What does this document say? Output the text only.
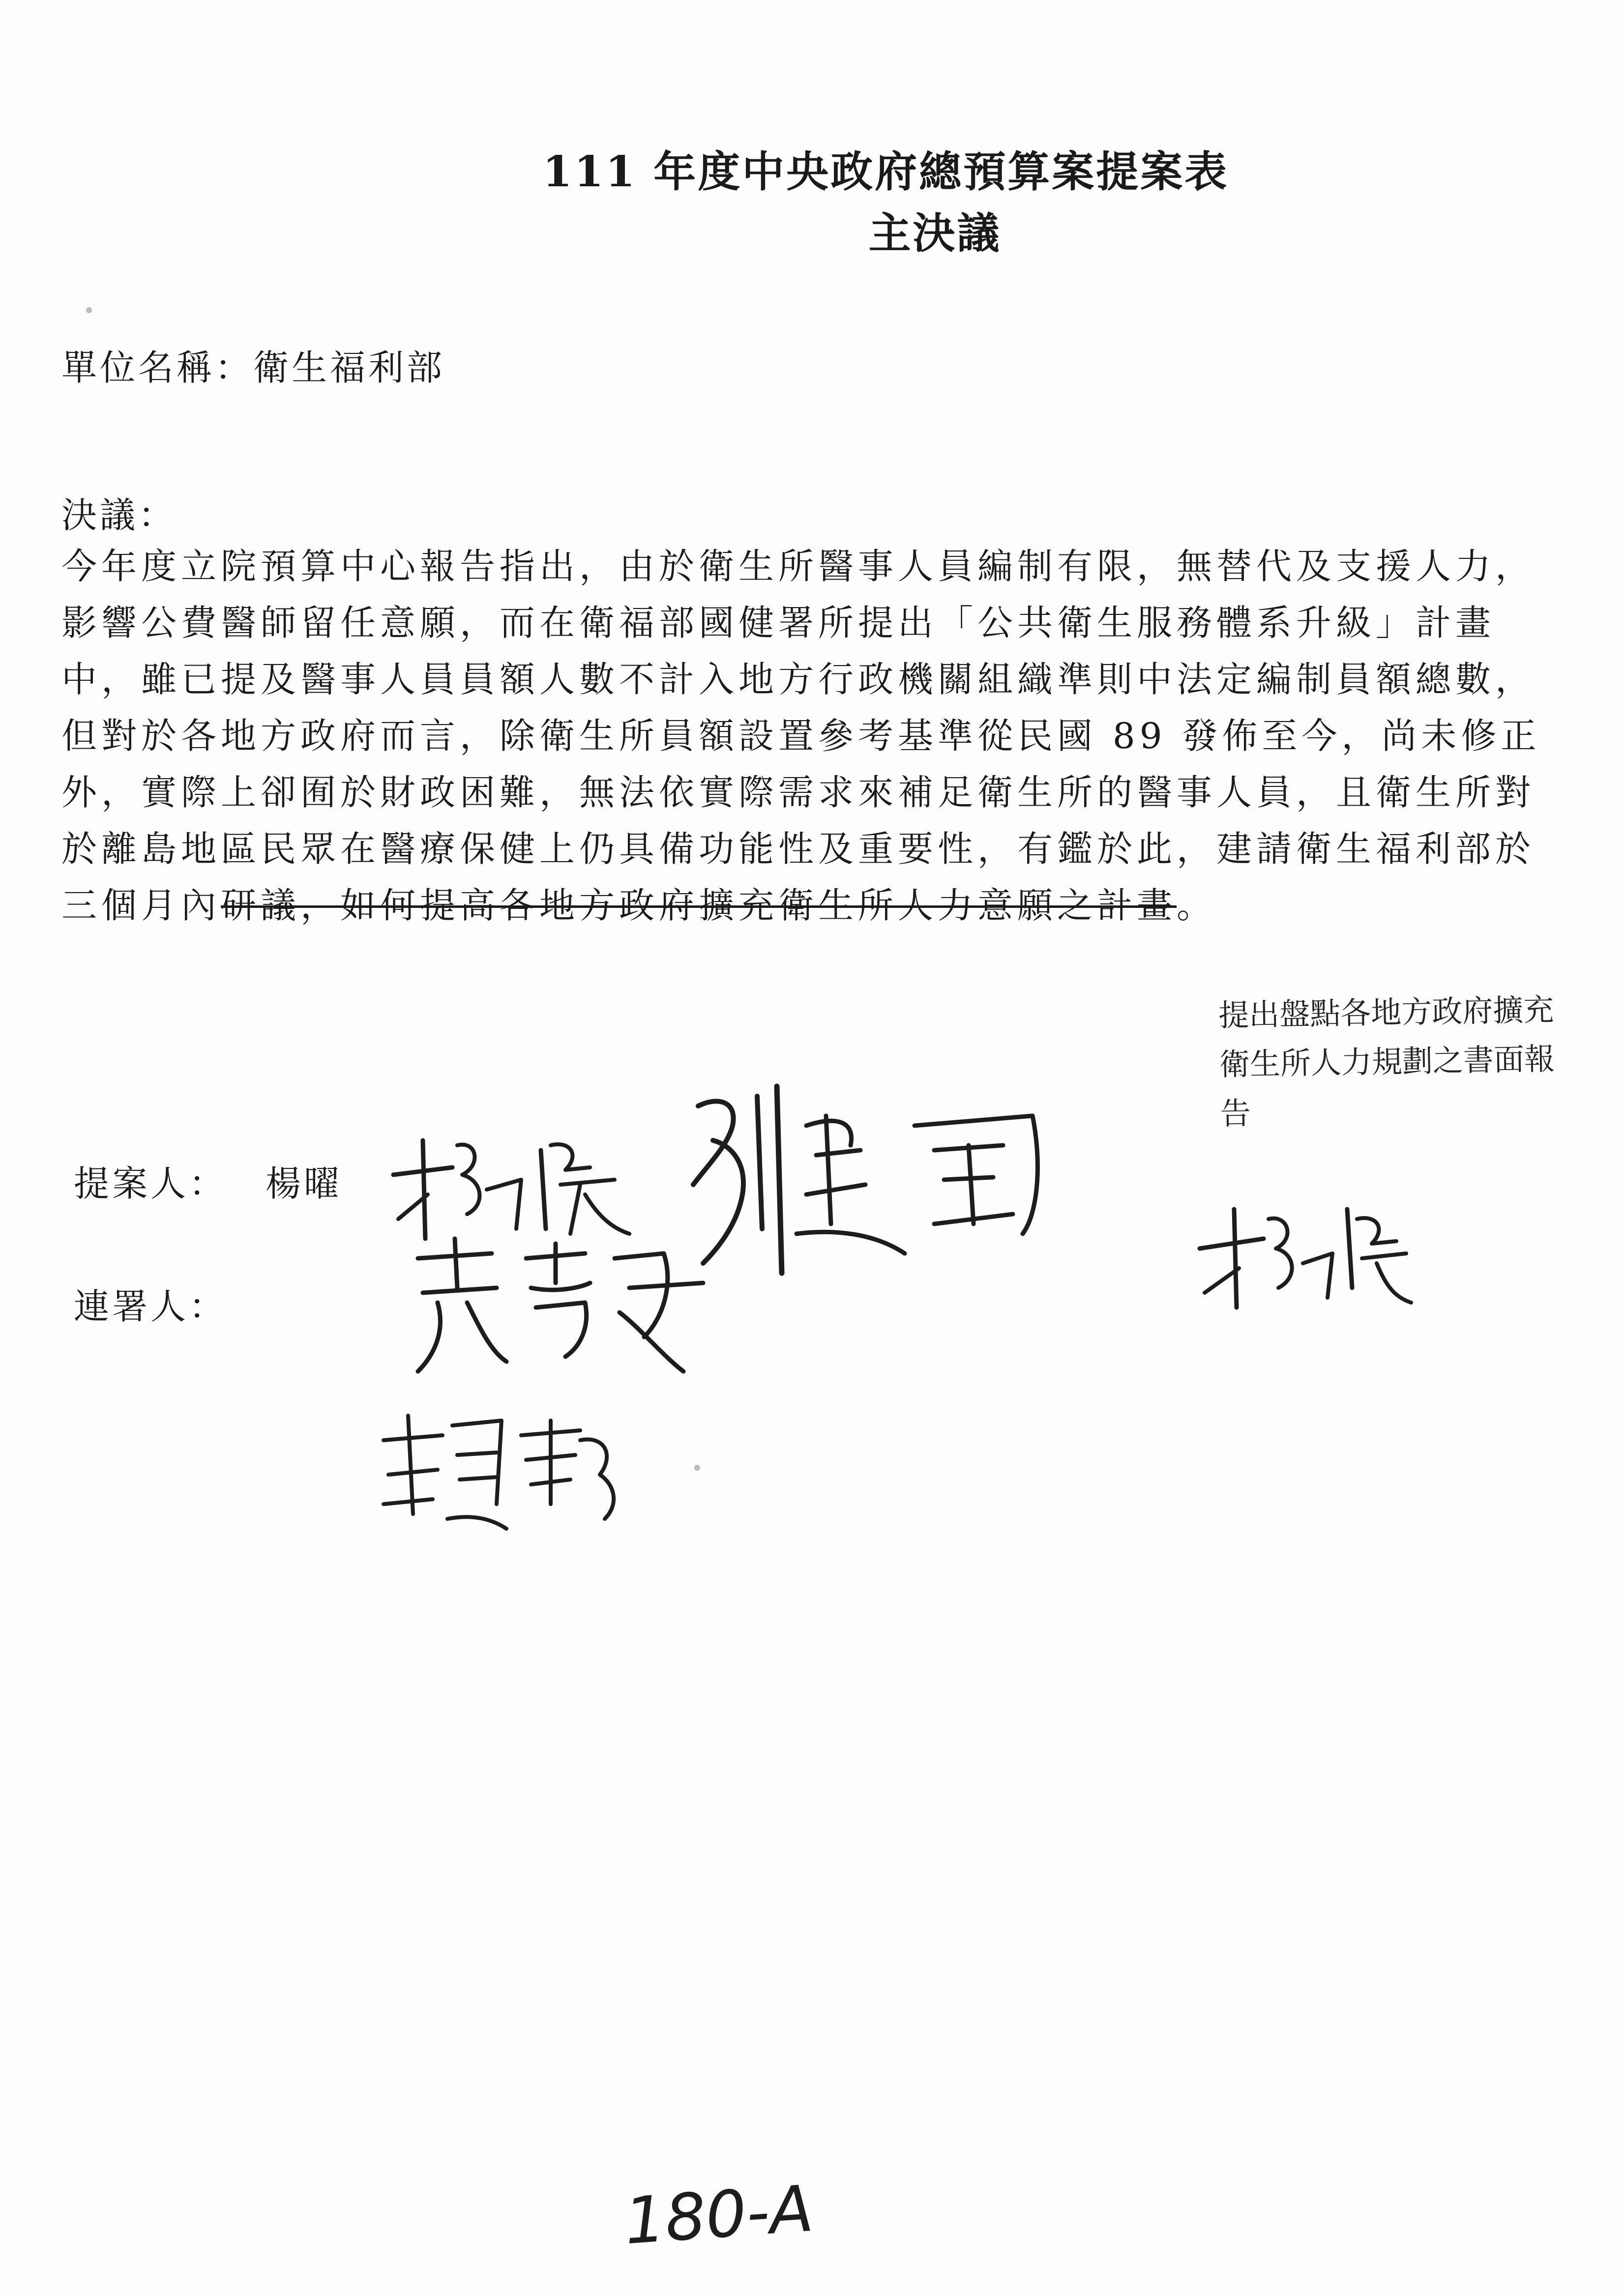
111 年度中央政府總預算案提案表
主決議
單位名稱：衛生福利部
決議：
今年度立院預算中心報告指出，由於衛生所醫事人員編制有限，無替代及支援人力，影響公費醫師留任意願，而在衛福部國健署所提出「公共衛生服務體系升級」計畫中，雖已提及醫事人員員額人數不計入地方行政機關組織準則中法定編制員額總數，但對於各地方政府而言，除衛生所員額設置參考基準從民國 89 發佈至今，尚未修正外，實際上卻囿於財政困難，無法依實際需求來補足衛生所的醫事人員，且衛生所對於離島地區民眾在醫療保健上仍具備功能性及重要性，有鑑於此，建請衛生福利部於三個月內研議，如何提高各地方政府擴充衛生所人力意願之計畫。
提出盤點各地方政府擴充衛生所人力規劃之書面報告
提案人： 楊曜
連署人：
180-A
